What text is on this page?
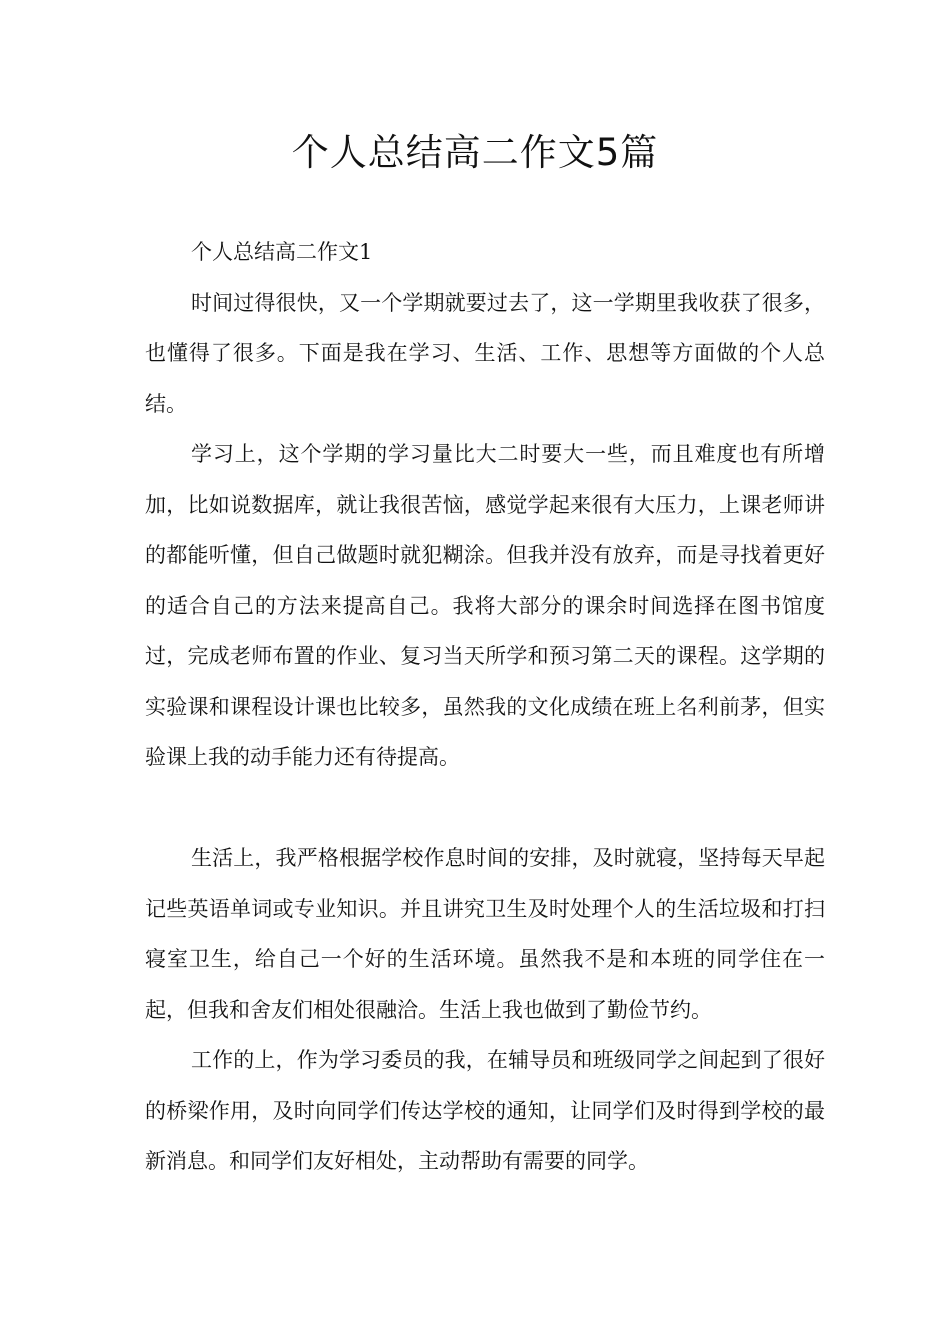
个人总结高二作文5篇

个人总结高二作文1

时间过得很快，又一个学期就要过去了，这一学期里我收获了很多，也懂得了很多。下面是我在学习、生活、工作、思想等方面做的个人总结。

学习上，这个学期的学习量比大二时要大一些，而且难度也有所增加，比如说数据库，就让我很苦恼，感觉学起来很有大压力，上课老师讲的都能听懂，但自己做题时就犯糊涂。但我并没有放弃，而是寻找着更好的适合自己的方法来提高自己。我将大部分的课余时间选择在图书馆度过，完成老师布置的作业、复习当天所学和预习第二天的课程。这学期的实验课和课程设计课也比较多，虽然我的文化成绩在班上名利前茅，但实验课上我的动手能力还有待提高。

生活上，我严格根据学校作息时间的安排，及时就寝，坚持每天早起记些英语单词或专业知识。并且讲究卫生及时处理个人的生活垃圾和打扫寝室卫生，给自己一个好的生活环境。虽然我不是和本班的同学住在一起，但我和舍友们相处很融洽。生活上我也做到了勤俭节约。

工作的上，作为学习委员的我，在辅导员和班级同学之间起到了很好的桥梁作用，及时向同学们传达学校的通知，让同学们及时得到学校的最新消息。和同学们友好相处，主动帮助有需要的同学。
